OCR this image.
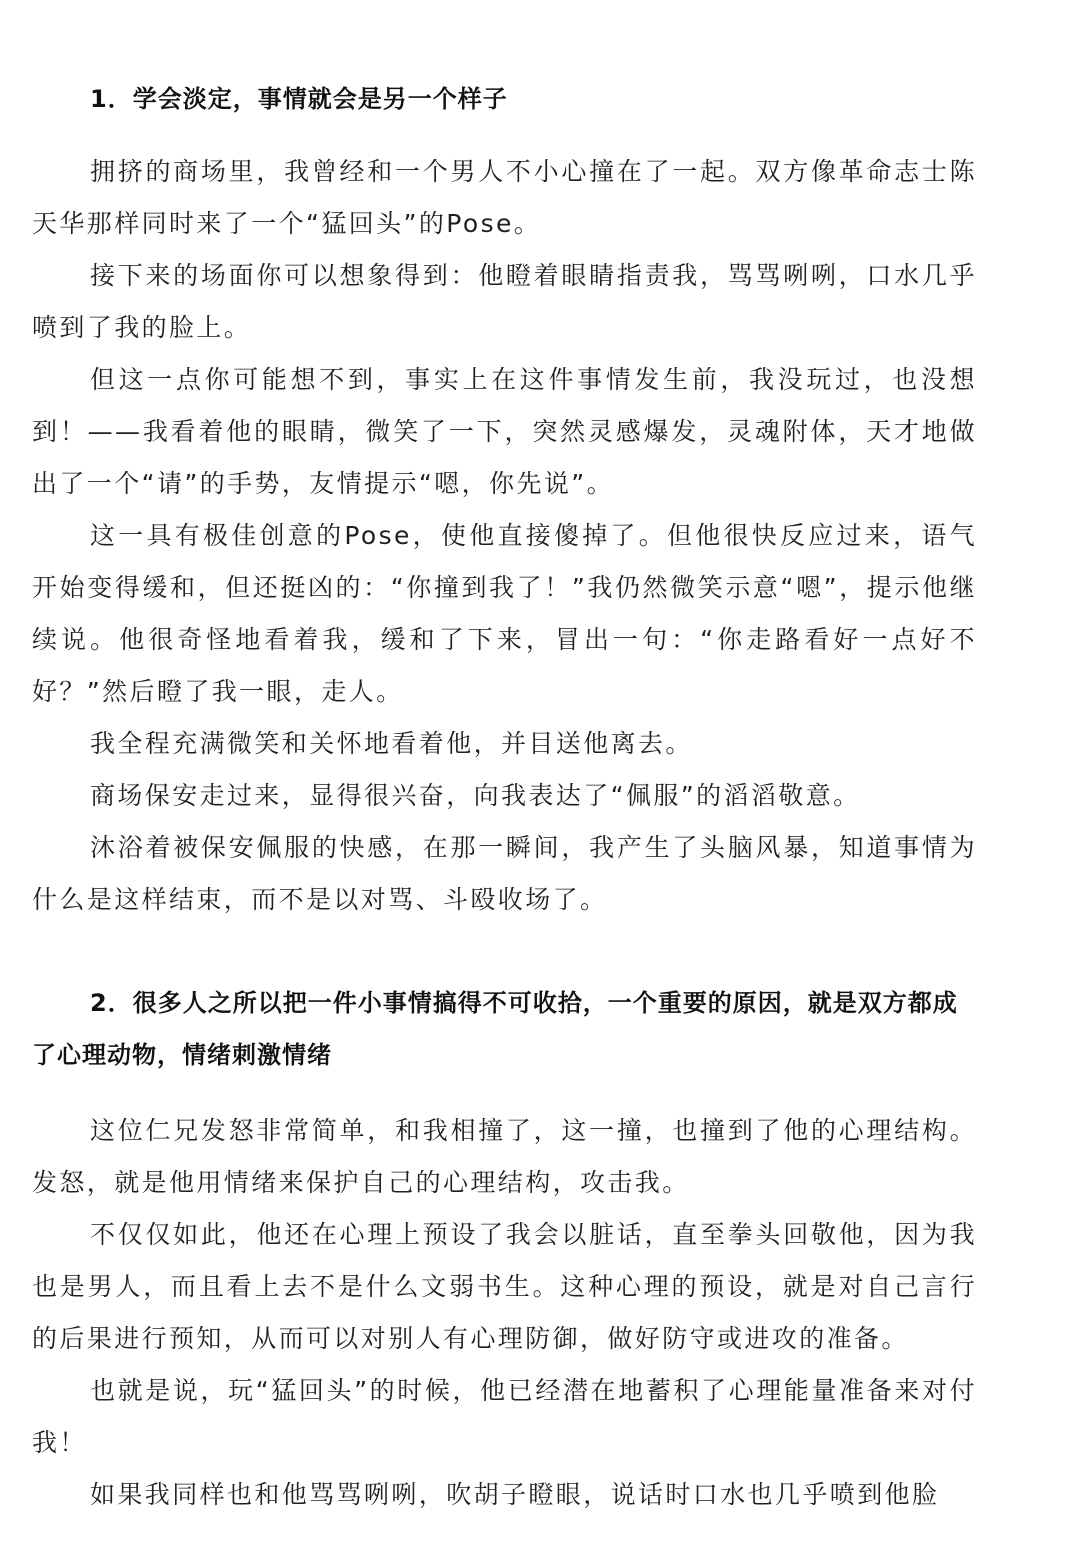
1．学会淡定，事情就会是另一个样子

拥挤的商场里，我曾经和一个男人不小心撞在了一起。双方像革命志士陈天华那样同时来了一个“猛回头”的Pose。

接下来的场面你可以想象得到：他瞪着眼睛指责我，骂骂咧咧，口水几乎喷到了我的脸上。

但这一点你可能想不到，事实上在这件事情发生前，我没玩过，也没想到！——我看着他的眼睛，微笑了一下，突然灵感爆发，灵魂附体，天才地做出了一个“请”的手势，友情提示“嗯，你先说”。

这一具有极佳创意的Pose，使他直接傻掉了。但他很快反应过来，语气开始变得缓和，但还挺凶的：“你撞到我了！”我仍然微笑示意“嗯”，提示他继续说。他很奇怪地看着我，缓和了下来，冒出一句：“你走路看好一点好不好？”然后瞪了我一眼，走人。

我全程充满微笑和关怀地看着他，并目送他离去。

商场保安走过来，显得很兴奋，向我表达了“佩服”的滔滔敬意。

沐浴着被保安佩服的快感，在那一瞬间，我产生了头脑风暴，知道事情为什么是这样结束，而不是以对骂、斗殴收场了。

2．很多人之所以把一件小事情搞得不可收拾，一个重要的原因，就是双方都成了心理动物，情绪刺激情绪

这位仁兄发怒非常简单，和我相撞了，这一撞，也撞到了他的心理结构。发怒，就是他用情绪来保护自己的心理结构，攻击我。

不仅仅如此，他还在心理上预设了我会以脏话，直至拳头回敬他，因为我也是男人，而且看上去不是什么文弱书生。这种心理的预设，就是对自己言行的后果进行预知，从而可以对别人有心理防御，做好防守或进攻的准备。

也就是说，玩“猛回头”的时候，他已经潜在地蓄积了心理能量准备来对付我！

如果我同样也和他骂骂咧咧，吹胡子瞪眼，说话时口水也几乎喷到他脸
